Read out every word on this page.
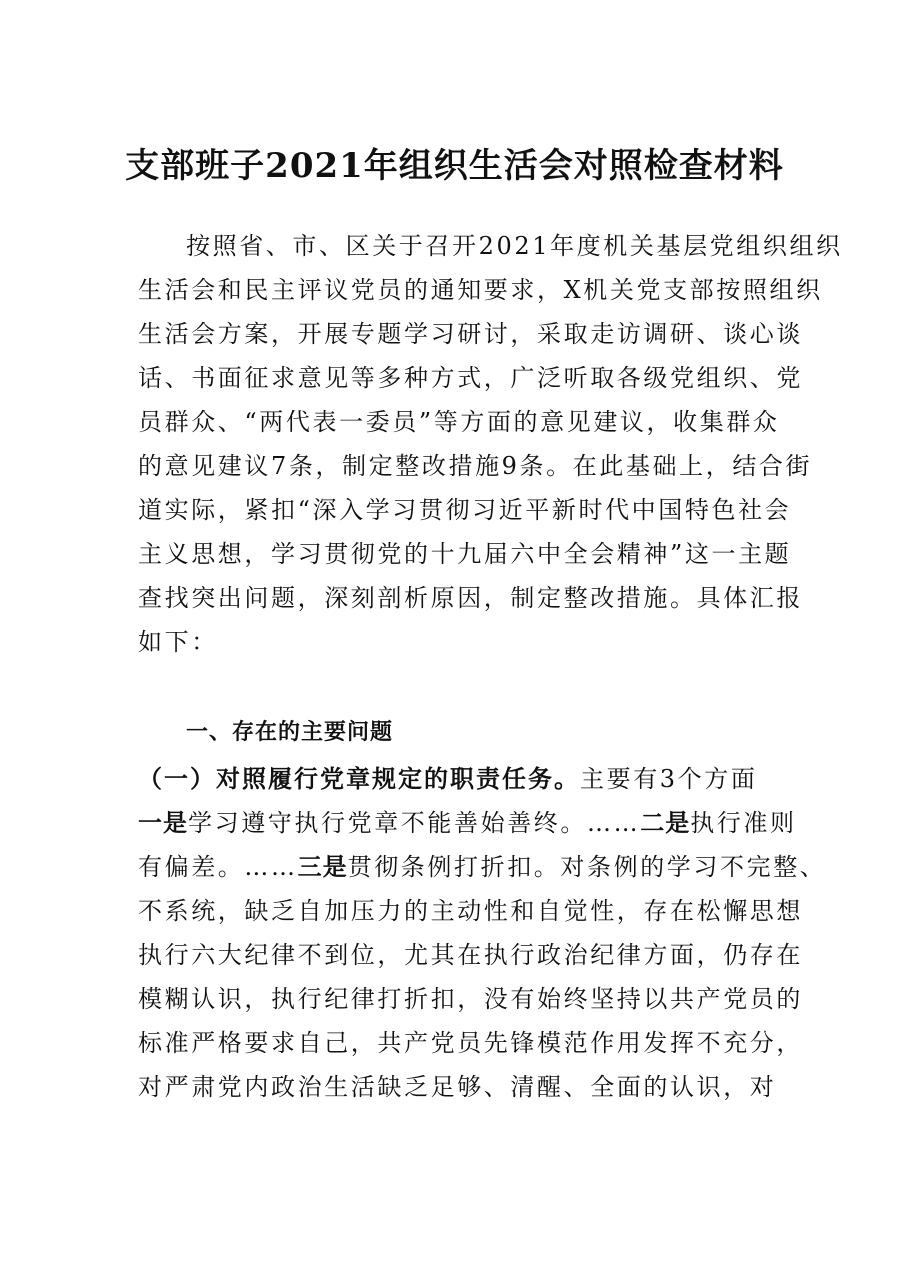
支部班子2021年组织生活会对照检查材料
按照省、市、区关于召开2021年度机关基层党组织组织
生活会和民主评议党员的通知要求，X机关党支部按照组织
生活会方案，开展专题学习研讨，采取走访调研、谈心谈
话、书面征求意见等多种方式，广泛听取各级党组织、党
员群众、“两代表一委员”等方面的意见建议，收集群众
的意见建议7条，制定整改措施9条。在此基础上，结合街
道实际，紧扣“深入学习贯彻习近平新时代中国特色社会
主义思想，学习贯彻党的十九届六中全会精神”这一主题
查找突出问题，深刻剖析原因，制定整改措施。具体汇报
如下：
一、存在的主要问题
（一）对照履行党章规定的职责任务。主要有3个方面
一是学习遵守执行党章不能善始善终。……二是执行准则
有偏差。……三是贯彻条例打折扣。对条例的学习不完整、
不系统，缺乏自加压力的主动性和自觉性，存在松懈思想
执行六大纪律不到位，尤其在执行政治纪律方面，仍存在
模糊认识，执行纪律打折扣，没有始终坚持以共产党员的
标准严格要求自己，共产党员先锋模范作用发挥不充分，
对严肃党内政治生活缺乏足够、清醒、全面的认识，对
